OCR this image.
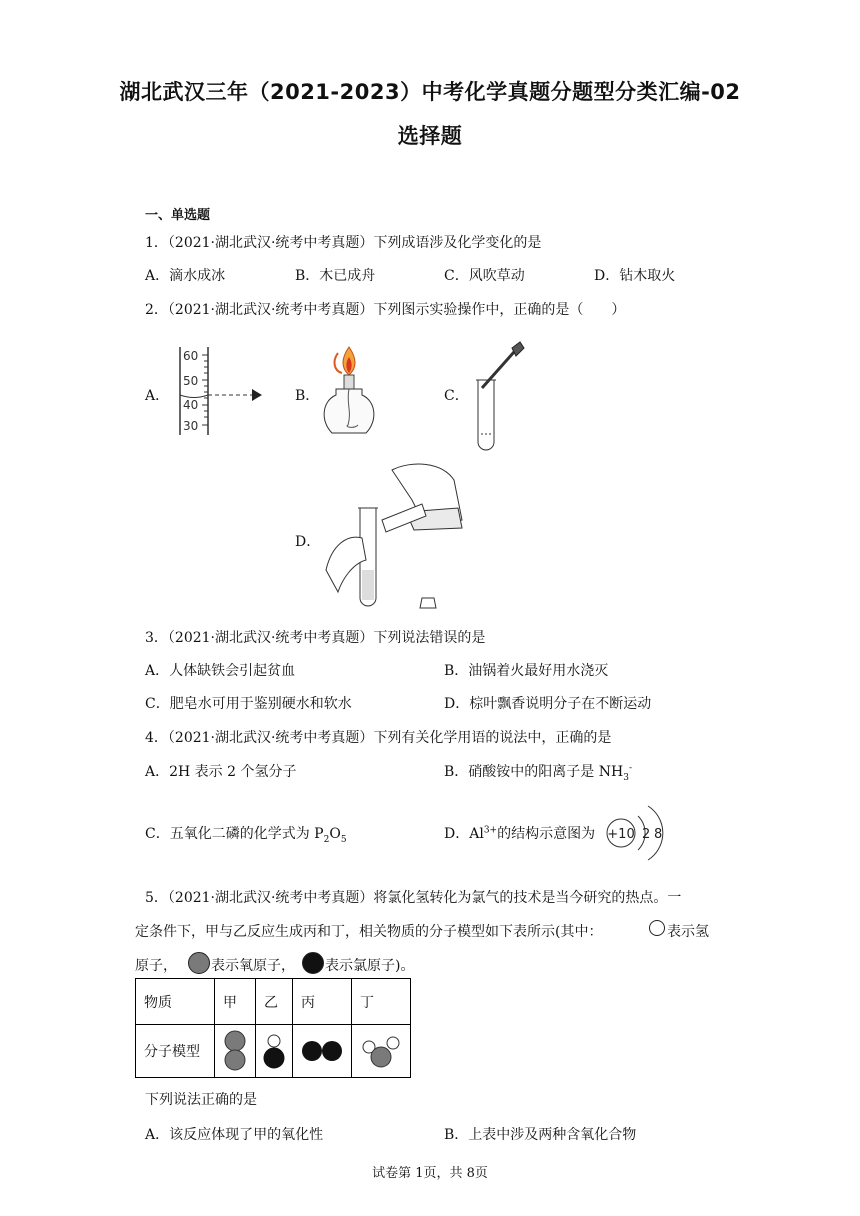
湖北武汉三年（2021-2023）中考化学真题分题型分类汇编-02
选择题
一、单选题
1．（2021·湖北武汉·统考中考真题）下列成语涉及化学变化的是
A．滴水成冰	B．木已成舟	C．风吹草动	D．钻木取火
2．（2021·湖北武汉·统考中考真题）下列图示实验操作中，正确的是（　　）
A．	B．	C．
D．
60
50
40
30
3．（2021·湖北武汉·统考中考真题）下列说法错误的是
A．人体缺铁会引起贫血	B．油锅着火最好用水浇灭
C．肥皂水可用于鉴别硬水和软水	D．棕叶飘香说明分子在不断运动
4．（2021·湖北武汉·统考中考真题）下列有关化学用语的说法中，正确的是
A．2H 表示 2 个氢分子	B．硝酸铵中的阳离子是 $NH_3^-$
C．五氧化二磷的化学式为 $P_2O_5$	D．$Al^{3+}$的结构示意图为 +10 2 8
5．（2021·湖北武汉·统考中考真题）将氯化氢转化为氯气的技术是当今研究的热点。一
定条件下，甲与乙反应生成丙和丁，相关物质的分子模型如下表所示(其中：	表示氢
原子， 表示氧原子， 表示氯原子)。
物质	甲	乙	丙	丁
分子模型	

下列说法正确的是
A．该反应体现了甲的氧化性	B．上表中涉及两种含氧化合物
试卷第 1页，共 8页
